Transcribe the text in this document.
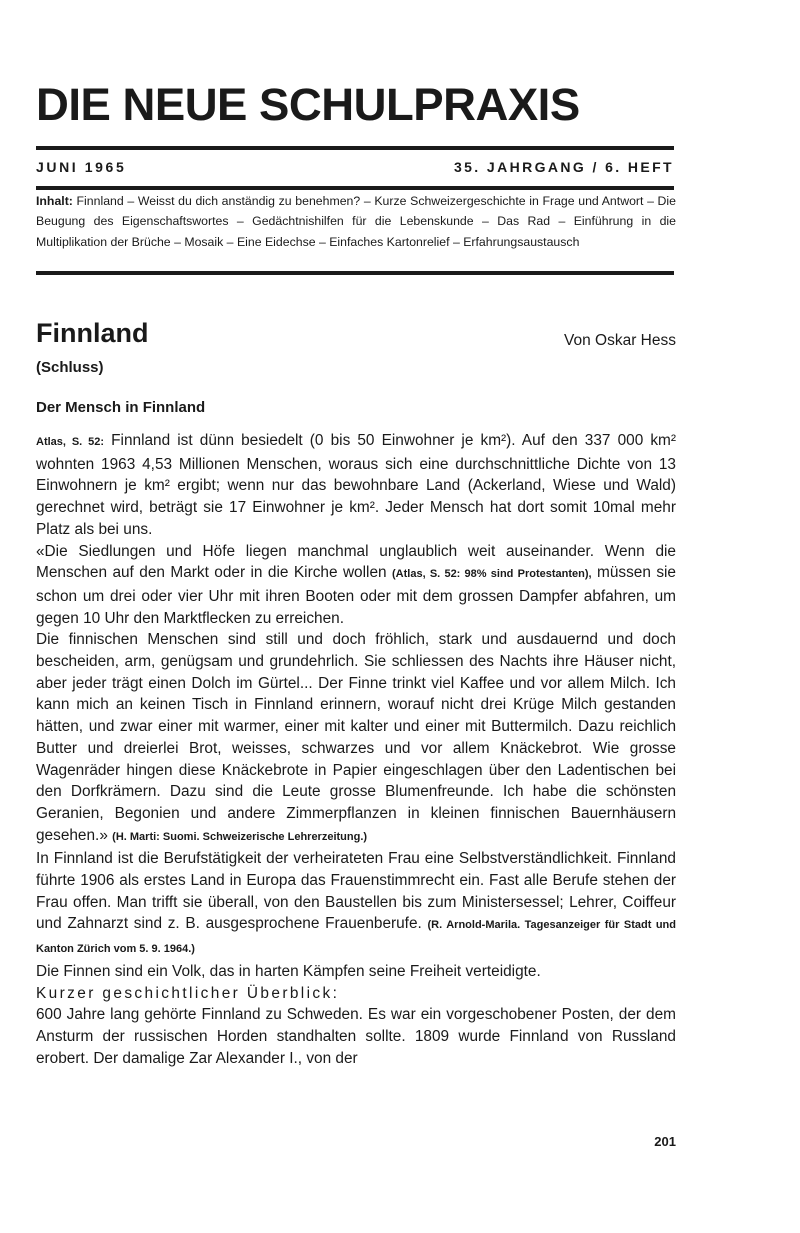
DIE NEUE SCHULPRAXIS
JUNI 1965	35. JAHRGANG / 6. HEFT
Inhalt: Finnland – Weisst du dich anständig zu benehmen? – Kurze Schweizergeschichte in Frage und Antwort – Die Beugung des Eigenschaftswortes – Gedächtnishilfen für die Lebenskunde – Das Rad – Einführung in die Multiplikation der Brüche – Mosaik – Eine Eidechse – Einfaches Kartonrelief – Erfahrungsaustausch
Finnland
(Schluss)
Von Oskar Hess
Der Mensch in Finnland

Atlas, S. 52: Finnland ist dünn besiedelt (0 bis 50 Einwohner je km²). Auf den 337 000 km² wohnten 1963 4,53 Millionen Menschen, woraus sich eine durchschnittliche Dichte von 13 Einwohnern je km² ergibt; wenn nur das bewohnbare Land (Ackerland, Wiese und Wald) gerechnet wird, beträgt sie 17 Einwohner je km². Jeder Mensch hat dort somit 10mal mehr Platz als bei uns.

«Die Siedlungen und Höfe liegen manchmal unglaublich weit auseinander. Wenn die Menschen auf den Markt oder in die Kirche wollen (Atlas, S. 52: 98% sind Protestanten), müssen sie schon um drei oder vier Uhr mit ihren Booten oder mit dem grossen Dampfer abfahren, um gegen 10 Uhr den Marktflecken zu erreichen.

Die finnischen Menschen sind still und doch fröhlich, stark und ausdauernd und doch bescheiden, arm, genügsam und grundehrlich. Sie schliessen des Nachts ihre Häuser nicht, aber jeder trägt einen Dolch im Gürtel... Der Finne trinkt viel Kaffee und vor allem Milch. Ich kann mich an keinen Tisch in Finnland erinnern, worauf nicht drei Krüge Milch gestanden hätten, und zwar einer mit warmer, einer mit kalter und einer mit Buttermilch. Dazu reichlich Butter und dreierlei Brot, weisses, schwarzes und vor allem Knäckebrot. Wie grosse Wagenräder hingen diese Knäckebrote in Papier eingeschlagen über den Ladentischen bei den Dorfkrämern. Dazu sind die Leute grosse Blumenfreunde. Ich habe die schönsten Geranien, Begonien und andere Zimmerpflanzen in kleinen finnischen Bauernhäusern gesehen.» (H. Marti: Suomi. Schweizerische Lehrerzeitung.)

In Finnland ist die Berufstätigkeit der verheirateten Frau eine Selbstverständlichkeit. Finnland führte 1906 als erstes Land in Europa das Frauenstimmrecht ein. Fast alle Berufe stehen der Frau offen. Man trifft sie überall, von den Baustellen bis zum Ministersessel; Lehrer, Coiffeur und Zahnarzt sind z. B. ausgesprochene Frauenberufe. (R. Arnold-Marila. Tagesanzeiger für Stadt und Kanton Zürich vom 5. 9. 1964.)

Die Finnen sind ein Volk, das in harten Kämpfen seine Freiheit verteidigte.

Kurzer geschichtlicher Überblick:

600 Jahre lang gehörte Finnland zu Schweden. Es war ein vorgeschobener Posten, der dem Ansturm der russischen Horden standhalten sollte. 1809 wurde Finnland von Russland erobert. Der damalige Zar Alexander I., von der

201
